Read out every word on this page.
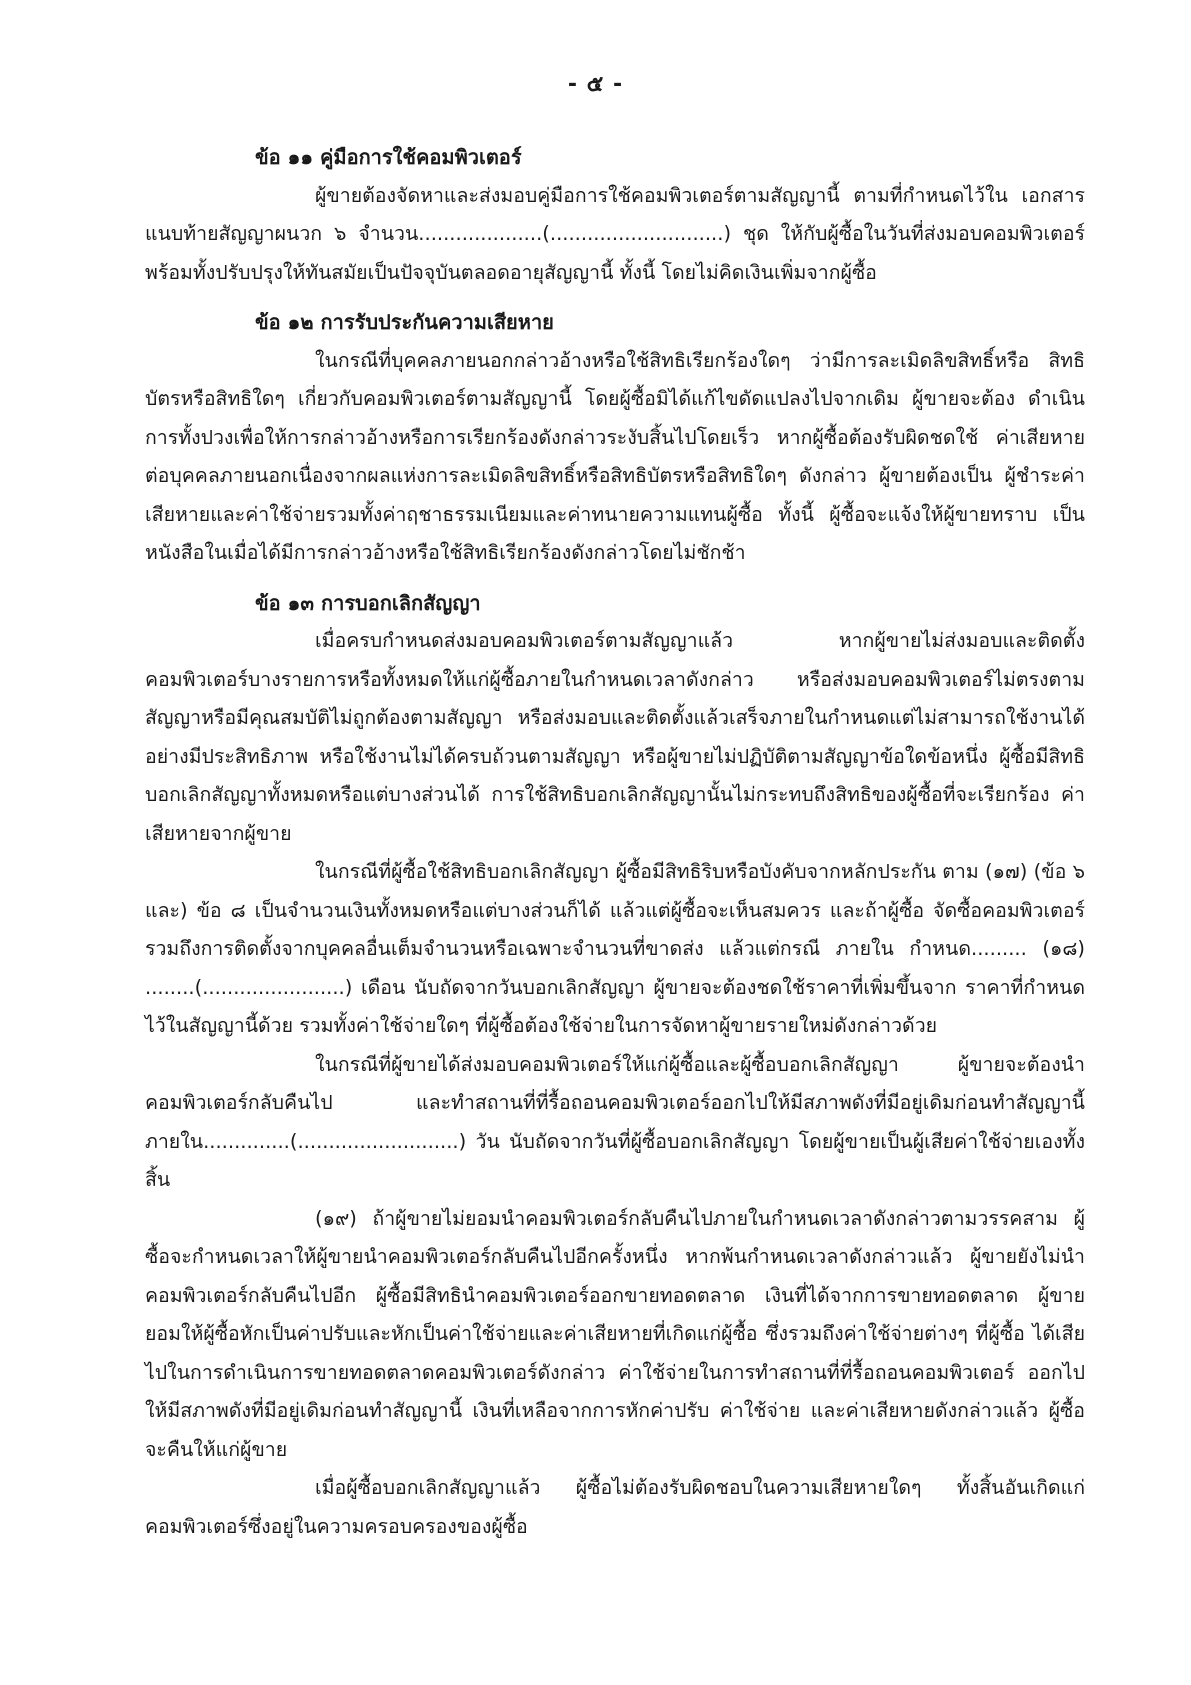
- ๕ -
ข้อ ๑๑ คู่มือการใช้คอมพิวเตอร์

ผู้ขายต้องจัดหาและส่งมอบคู่มือการใช้คอมพิวเตอร์ตามสัญญานี้ ตามที่กำหนดไว้ใน เอกสารแนบท้ายสัญญาผนวก ๖ จำนวน....................(............................) ชุด ให้กับผู้ซื้อในวันที่ส่งมอบคอมพิวเตอร์ พร้อมทั้งปรับปรุงให้ทันสมัยเป็นปัจจุบันตลอดอายุสัญญานี้ ทั้งนี้ โดยไม่คิดเงินเพิ่มจากผู้ซื้อ

ข้อ ๑๒ การรับประกันความเสียหาย

ในกรณีที่บุคคลภายนอกกล่าวอ้างหรือใช้สิทธิเรียกร้องใดๆ ว่ามีการละเมิดลิขสิทธิ์หรือ สิทธิบัตรหรือสิทธิใดๆ เกี่ยวกับคอมพิวเตอร์ตามสัญญานี้ โดยผู้ซื้อมิได้แก้ไขดัดแปลงไปจากเดิม ผู้ขายจะต้อง ดำเนินการทั้งปวงเพื่อให้การกล่าวอ้างหรือการเรียกร้องดังกล่าวระงับสิ้นไปโดยเร็ว หากผู้ซื้อต้องรับผิดชดใช้ ค่าเสียหายต่อบุคคลภายนอกเนื่องจากผลแห่งการละเมิดลิขสิทธิ์หรือสิทธิบัตรหรือสิทธิใดๆ ดังกล่าว ผู้ขายต้องเป็น ผู้ชำระค่าเสียหายและค่าใช้จ่ายรวมทั้งค่าฤชาธรรมเนียมและค่าทนายความแทนผู้ซื้อ ทั้งนี้ ผู้ซื้อจะแจ้งให้ผู้ขายทราบ เป็นหนังสือในเมื่อได้มีการกล่าวอ้างหรือใช้สิทธิเรียกร้องดังกล่าวโดยไม่ชักช้า

ข้อ ๑๓ การบอกเลิกสัญญา

เมื่อครบกำหนดส่งมอบคอมพิวเตอร์ตามสัญญาแล้ว หากผู้ขายไม่ส่งมอบและติดตั้ง คอมพิวเตอร์บางรายการหรือทั้งหมดให้แก่ผู้ซื้อภายในกำหนดเวลาดังกล่าว หรือส่งมอบคอมพิวเตอร์ไม่ตรงตาม สัญญาหรือมีคุณสมบัติไม่ถูกต้องตามสัญญา หรือส่งมอบและติดตั้งแล้วเสร็จภายในกำหนดแต่ไม่สามารถใช้งานได้ อย่างมีประสิทธิภาพ หรือใช้งานไม่ได้ครบถ้วนตามสัญญา หรือผู้ขายไม่ปฏิบัติตามสัญญาข้อใดข้อหนึ่ง ผู้ซื้อมีสิทธิ บอกเลิกสัญญาทั้งหมดหรือแต่บางส่วนได้ การใช้สิทธิบอกเลิกสัญญานั้นไม่กระทบถึงสิทธิของผู้ซื้อที่จะเรียกร้อง ค่าเสียหายจากผู้ขาย

ในกรณีที่ผู้ซื้อใช้สิทธิบอกเลิกสัญญา ผู้ซื้อมีสิทธิริบหรือบังคับจากหลักประกัน ตาม (๑๗) (ข้อ ๖ และ) ข้อ ๘ เป็นจำนวนเงินทั้งหมดหรือแต่บางส่วนก็ได้ แล้วแต่ผู้ซื้อจะเห็นสมควร และถ้าผู้ซื้อ จัดซื้อคอมพิวเตอร์รวมถึงการติดตั้งจากบุคคลอื่นเต็มจำนวนหรือเฉพาะจำนวนที่ขาดส่ง แล้วแต่กรณี ภายใน กำหนด......... (๑๘) ........(.......................) เดือน นับถัดจากวันบอกเลิกสัญญา ผู้ขายจะต้องชดใช้ราคาที่เพิ่มขึ้นจาก ราคาที่กำหนดไว้ในสัญญานี้ด้วย รวมทั้งค่าใช้จ่ายใดๆ ที่ผู้ซื้อต้องใช้จ่ายในการจัดหาผู้ขายรายใหม่ดังกล่าวด้วย

ในกรณีที่ผู้ขายได้ส่งมอบคอมพิวเตอร์ให้แก่ผู้ซื้อและผู้ซื้อบอกเลิกสัญญา ผู้ขายจะต้องนำ คอมพิวเตอร์กลับคืนไป และทำสถานที่ที่รื้อถอนคอมพิวเตอร์ออกไปให้มีสภาพดังที่มีอยู่เดิมก่อนทำสัญญานี้ ภายใน..............(..........................) วัน นับถัดจากวันที่ผู้ซื้อบอกเลิกสัญญา โดยผู้ขายเป็นผู้เสียค่าใช้จ่ายเองทั้งสิ้น

(๑๙) ถ้าผู้ขายไม่ยอมนำคอมพิวเตอร์กลับคืนไปภายในกำหนดเวลาดังกล่าวตามวรรคสาม ผู้ซื้อจะกำหนดเวลาให้ผู้ขายนำคอมพิวเตอร์กลับคืนไปอีกครั้งหนึ่ง หากพ้นกำหนดเวลาดังกล่าวแล้ว ผู้ขายยังไม่นำ คอมพิวเตอร์กลับคืนไปอีก ผู้ซื้อมีสิทธินำคอมพิวเตอร์ออกขายทอดตลาด เงินที่ได้จากการขายทอดตลาด ผู้ขาย ยอมให้ผู้ซื้อหักเป็นค่าปรับและหักเป็นค่าใช้จ่ายและค่าเสียหายที่เกิดแก่ผู้ซื้อ ซึ่งรวมถึงค่าใช้จ่ายต่างๆ ที่ผู้ซื้อ ได้เสียไปในการดำเนินการขายทอดตลาดคอมพิวเตอร์ดังกล่าว ค่าใช้จ่ายในการทำสถานที่ที่รื้อถอนคอมพิวเตอร์ ออกไปให้มีสภาพดังที่มีอยู่เดิมก่อนทำสัญญานี้ เงินที่เหลือจากการหักค่าปรับ ค่าใช้จ่าย และค่าเสียหายดังกล่าวแล้ว ผู้ซื้อจะคืนให้แก่ผู้ขาย

เมื่อผู้ซื้อบอกเลิกสัญญาแล้ว ผู้ซื้อไม่ต้องรับผิดชอบในความเสียหายใดๆ ทั้งสิ้นอันเกิดแก่ คอมพิวเตอร์ซึ่งอยู่ในความครอบครองของผู้ซื้อ
